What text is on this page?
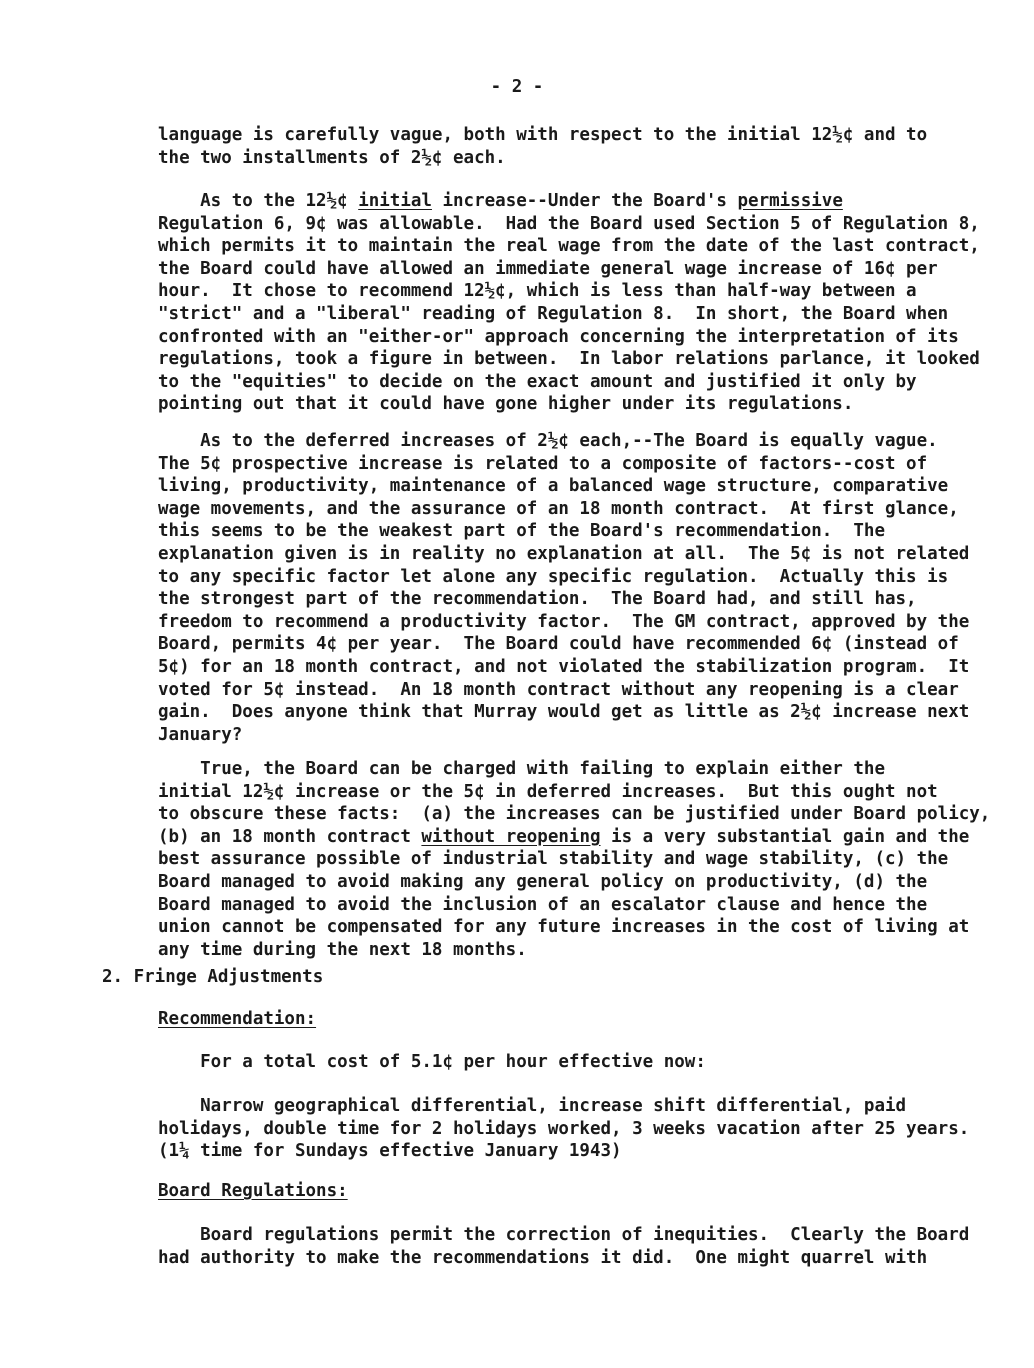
- 2 -
language is carefully vague, both with respect to the initial 12½¢ and to
the two installments of 2½¢ each.
As to the 12½¢ initial increase--Under the Board's permissive
Regulation 6, 9¢ was allowable.  Had the Board used Section 5 of Regulation 8,
which permits it to maintain the real wage from the date of the last contract,
the Board could have allowed an immediate general wage increase of 16¢ per
hour.  It chose to recommend 12½¢, which is less than half-way between a
"strict" and a "liberal" reading of Regulation 8.  In short, the Board when
confronted with an "either-or" approach concerning the interpretation of its
regulations, took a figure in between.  In labor relations parlance, it looked
to the "equities" to decide on the exact amount and justified it only by
pointing out that it could have gone higher under its regulations.
As to the deferred increases of 2½¢ each,--The Board is equally vague.
The 5¢ prospective increase is related to a composite of factors--cost of
living, productivity, maintenance of a balanced wage structure, comparative
wage movements, and the assurance of an 18 month contract.  At first glance,
this seems to be the weakest part of the Board's recommendation.  The
explanation given is in reality no explanation at all.  The 5¢ is not related
to any specific factor let alone any specific regulation.  Actually this is
the strongest part of the recommendation.  The Board had, and still has,
freedom to recommend a productivity factor.  The GM contract, approved by the
Board, permits 4¢ per year.  The Board could have recommended 6¢ (instead of
5¢) for an 18 month contract, and not violated the stabilization program.  It
voted for 5¢ instead.  An 18 month contract without any reopening is a clear
gain.  Does anyone think that Murray would get as little as 2½¢ increase next
January?
True, the Board can be charged with failing to explain either the
initial 12½¢ increase or the 5¢ in deferred increases.  But this ought not
to obscure these facts:  (a) the increases can be justified under Board policy,
(b) an 18 month contract without reopening is a very substantial gain and the
best assurance possible of industrial stability and wage stability, (c) the
Board managed to avoid making any general policy on productivity, (d) the
Board managed to avoid the inclusion of an escalator clause and hence the
union cannot be compensated for any future increases in the cost of living at
any time during the next 18 months.
2. Fringe Adjustments
Recommendation:
For a total cost of 5.1¢ per hour effective now:
Narrow geographical differential, increase shift differential, paid
holidays, double time for 2 holidays worked, 3 weeks vacation after 25 years.
(1¼ time for Sundays effective January 1943)
Board Regulations:
Board regulations permit the correction of inequities.  Clearly the Board
had authority to make the recommendations it did.  One might quarrel with
